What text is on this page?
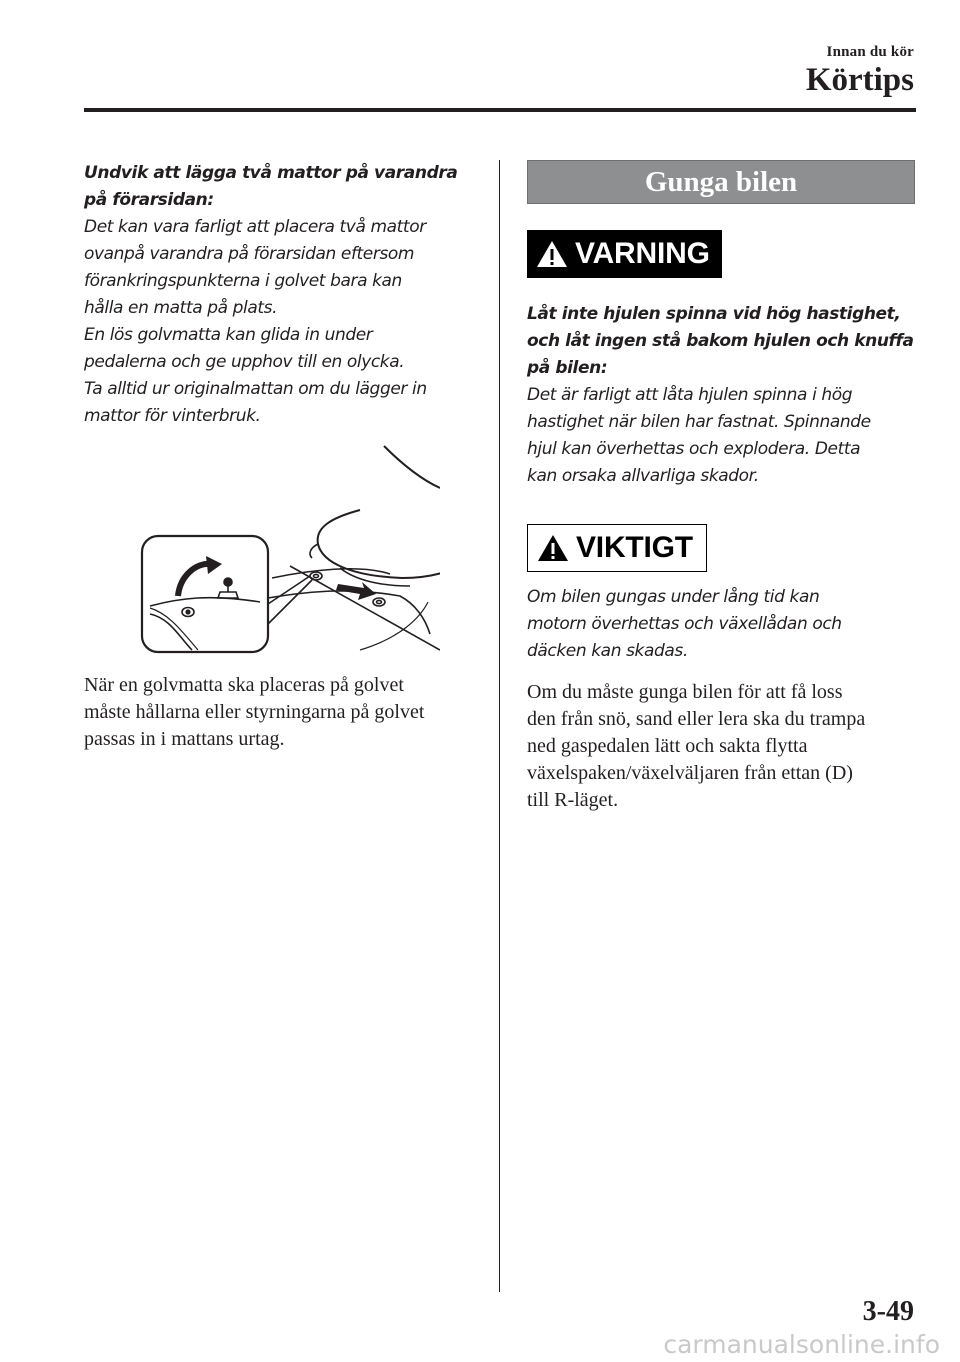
Innan du kör
Körtips
Undvik att lägga två mattor på varandra
på förarsidan:
Det kan vara farligt att placera två mattor
ovanpå varandra på förarsidan eftersom
förankringspunkterna i golvet bara kan
hålla en matta på plats.
En lös golvmatta kan glida in under
pedalerna och ge upphov till en olycka.
Ta alltid ur originalmattan om du lägger in
mattor för vinterbruk.
När en golvmatta ska placeras på golvet
måste hållarna eller styrningarna på golvet
passas in i mattans urtag.
Gunga bilen
VARNING
Låt inte hjulen spinna vid hög hastighet,
och låt ingen stå bakom hjulen och knuffa
på bilen:
Det är farligt att låta hjulen spinna i hög
hastighet när bilen har fastnat. Spinnande
hjul kan överhettas och explodera. Detta
kan orsaka allvarliga skador.
VIKTIGT
Om bilen gungas under lång tid kan
motorn överhettas och växellådan och
däcken kan skadas.
Om du måste gunga bilen för att få loss
den från snö, sand eller lera ska du trampa
ned gaspedalen lätt och sakta flytta
växelspaken/växelväljaren från ettan (D)
till R-läget.
3-49
carmanualsonline.info
